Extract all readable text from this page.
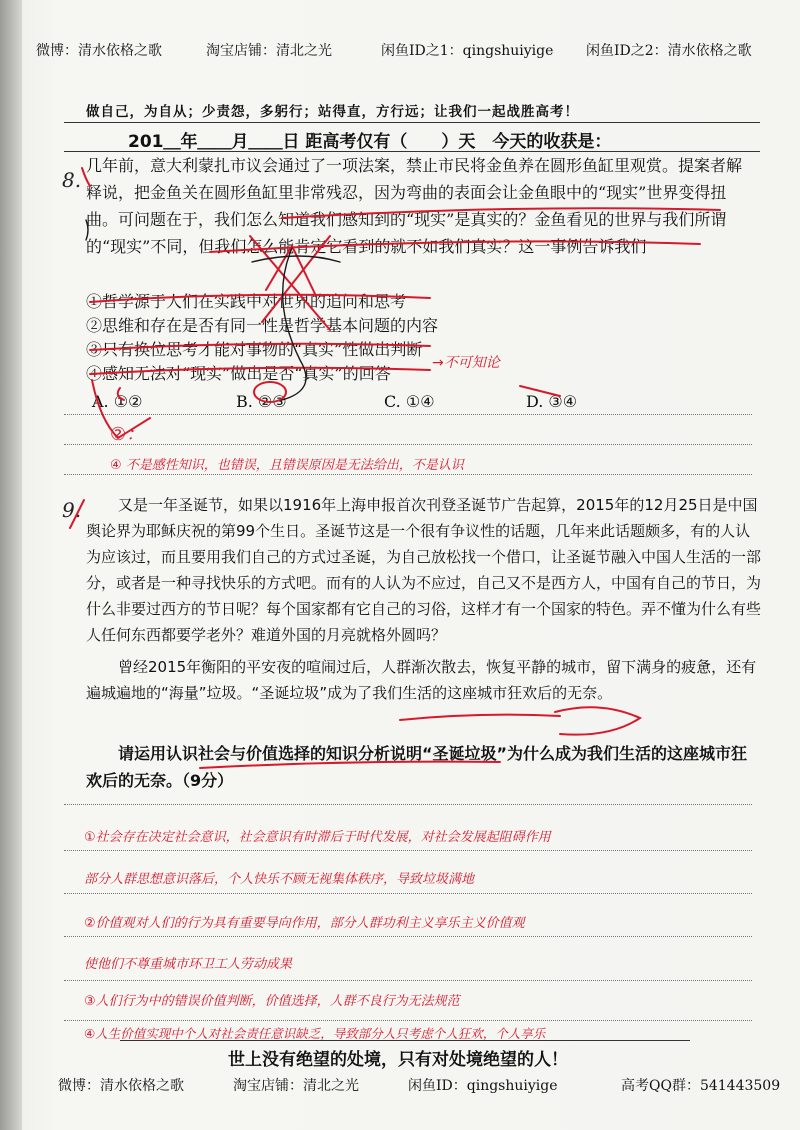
微博：清水依格之歌	淘宝店铺：清北之光	闲鱼ID之1：qingshuiyige 闲鱼ID之2：清水依格之歌
做自己，为自从；少责怨，多躬行；站得直，方行远；让我们一起战胜高考！
201＿年＿＿月＿＿日 距高考仅有（　　）天　今天的收获是：
几年前，意大利蒙扎市议会通过了一项法案，禁止市民将金鱼养在圆形鱼缸里观赏。提案者解释说，把金鱼关在圆形鱼缸里非常残忍，因为弯曲的表面会让金鱼眼中的“现实”世界变得扭曲。可问题在于，我们怎么知道我们感知到的“现实”是真实的？金鱼看见的世界与我们所谓的“现实”不同，但我们怎么能肯定它看到的就不如我们真实？这一事例告诉我们
①哲学源于人们在实践中对世界的追问和思考
②思维和存在是否有同一性是哲学基本问题的内容
③只有换位思考才能对事物的“真实”性做出判断
④感知无法对“现实”做出是否“真实”的回答
A. ①②	B. ②③	C. ①④	D. ③④
8.
→不可知论
②：
④ 不是感性知识，也错误，且错误原因是无法给出，不是认识
9.	又是一年圣诞节，如果以1916年上海申报首次刊登圣诞节广告起算，2015年的12月25日是中国舆论界为耶稣庆祝的第99个生日。圣诞节这是一个很有争议性的话题，几年来此话题颇多，有的人认为应该过，而且要用我们自己的方式过圣诞，为自己放松找一个借口，让圣诞节融入中国人生活的一部分，或者是一种寻找快乐的方式吧。而有的人认为不应过，自己又不是西方人，中国有自己的节日，为什么非要过西方的节日呢？每个国家都有它自己的习俗，这样才有一个国家的特色。弄不懂为什么有些人任何东西都要学老外？难道外国的月亮就格外圆吗？

曾经2015年衡阳的平安夜的喧闹过后，人群渐次散去，恢复平静的城市，留下满身的疲惫，还有遍城遍地的“海量”垃圾。“圣诞垃圾”成为了我们生活的这座城市狂欢后的无奈。

请运用认识社会与价值选择的知识分析说明“圣诞垃圾”为什么成为我们生活的这座城市狂欢后的无奈。（9分）
①社会存在决定社会意识，社会意识有时滞后于时代发展，对社会发展起阻碍作用
部分人群思想意识落后，个人快乐不顾无视集体秩序，导致垃圾满地
②价值观对人们的行为具有重要导向作用，部分人群功利主义享乐主义价值观
使他们不尊重城市环卫工人劳动成果
③人们行为中的错误价值判断，价值选择，人群不良行为无法规范
④人生价值实现中个人对社会责任意识缺乏，导致部分人只考虑个人狂欢，个人享乐
世上没有绝望的处境，只有对处境绝望的人！
微博：清水依格之歌	淘宝店铺：清北之光	闲鱼ID：qingshuiyige	高考QQ群：541443509
